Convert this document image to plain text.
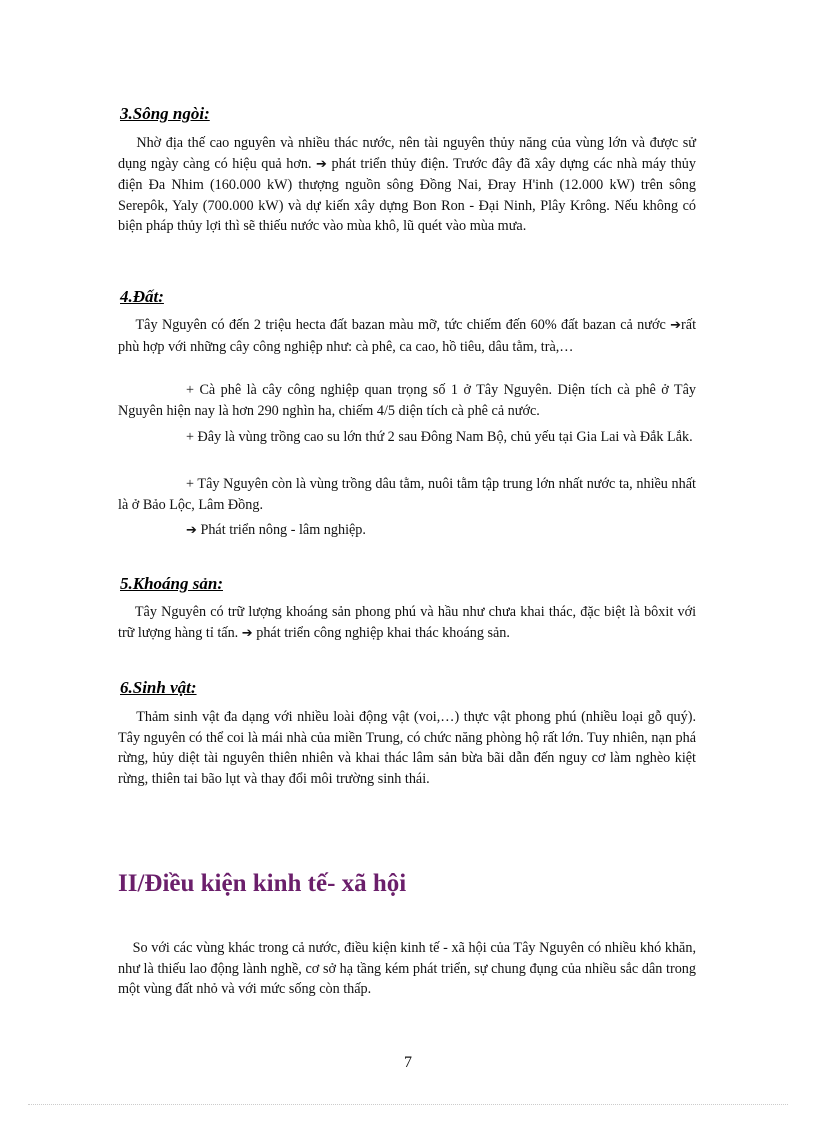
3.Sông ngòi:
Nhờ địa thế cao nguyên và nhiều thác nước, nên tài nguyên thủy năng của vùng lớn và được sử dụng ngày càng có hiệu quả hơn. ➔ phát triển thủy điện. Trước đây đã xây dựng các nhà máy thủy điện Đa Nhim (160.000 kW) thượng nguồn sông Đồng Nai, Đray H'inh (12.000 kW) trên sông Serepôk, Yaly (700.000 kW) và dự kiến xây dựng Bon Ron - Đại Ninh, Plây Krông. Nếu không có biện pháp thủy lợi thì sẽ thiếu nước vào mùa khô, lũ quét vào mùa mưa.
4.Đất:
Tây Nguyên có đến 2 triệu hecta đất bazan màu mỡ, tức chiếm đến 60% đất bazan cả nước ➔rất phù hợp với những cây công nghiệp như: cà phê, ca cao, hồ tiêu, dâu tằm, trà,…
+ Cà phê là cây công nghiệp quan trọng số 1 ở Tây Nguyên. Diện tích cà phê ở Tây Nguyên hiện nay là hơn 290 nghìn ha, chiếm 4/5 diện tích cà phê cả nước.
+ Đây là vùng trồng cao su lớn thứ 2 sau Đông Nam Bộ, chủ yếu tại Gia Lai và Đắk Lắk.
+ Tây Nguyên còn là vùng trồng dâu tằm, nuôi tằm tập trung lớn nhất nước ta, nhiều nhất là ở Bảo Lộc, Lâm Đồng.
➔ Phát triển nông - lâm nghiệp.
5.Khoáng sản:
Tây Nguyên có trữ lượng khoáng sản phong phú và hầu như chưa khai thác, đặc biệt là bôxit với trữ lượng hàng tỉ tấn. ➔ phát triển công nghiệp khai thác khoáng sản.
6.Sinh vật:
Thảm sinh vật đa dạng với nhiều loài động vật (voi,…) thực vật phong phú (nhiều loại gỗ quý). Tây nguyên có thể coi là mái nhà của miền Trung, có chức năng phòng hộ rất lớn. Tuy nhiên, nạn phá rừng, hủy diệt tài nguyên thiên nhiên và khai thác lâm sản bừa bãi dẫn đến nguy cơ làm nghèo kiệt rừng, thiên tai bão lụt và thay đổi môi trường sinh thái.
II/Điều kiện kinh tế- xã hội
So với các vùng khác trong cả nước, điều kiện kinh tế - xã hội của Tây Nguyên có nhiều khó khăn, như là thiếu lao động lành nghề, cơ sở hạ tầng kém phát triển, sự chung đụng của nhiều sắc dân trong một vùng đất nhỏ và với mức sống còn thấp.
7
